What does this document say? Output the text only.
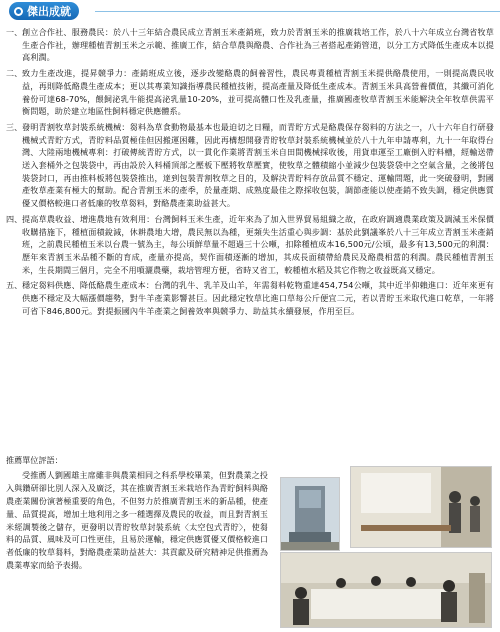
傑出成就
一、 創立合作社、服務農民：於八十三年結合農民成立青割玉米產銷班，致力於青割玉米的推廣栽培工作，於八十六年成立台灣省牧草生產合作社，辦理種植青割玉米之示範、推廣工作，結合草農與酪農、合作社為三者搭起產銷管道，以分工方式降低生產成本以提高利潤。
二、 致力生產改進，提昇競爭力：產銷班成立後，逐步改變酪農的飼養習性，農民專責種植青割玉米提供酪農使用，一則提高農民收益，再則降低酪農生產成本；更以其專業知識指導農民種植技術，提高產量及降低生產成本。青割玉米具高營養價值，其纖可消化養份可達68-70%，餵飼泌乳牛能提高泌乳量10-20%，並可提高體口性及乳產量，推廣國產牧草青割玉米能解決全年牧草供需平衡問題，助於建立地區性飼料穩定供應體系。
三、 發明青割牧草封裝系統機械：芻料為草食動物最基本也最迫切之日糧，而青貯方式是酪農保存芻料的方法之一，八十六年自行研發機械式青貯方式，青貯料品質極佳但因搬運困難，因此再構想開發青貯牧草封裝系統機械並於八十九年申請專利，九十一年取得台灣、大陸兩地機械專利：打破傳統青貯方式，以一貫化作業將青割玉米自田間機械採收後，用貨車運至工廠倒入貯料槽，經輸送帶送入套桶外之包裝袋中，再由設於入料桶頂部之壓板下壓將牧草壓實，使牧草之體積縮小並減少包裝袋袋中之空氣含量，之後將包裝袋封口，再由推料板將包裝袋推出，達到包裝青割牧草之目的，及解決青貯料存放品質不穩定、運輸問題，此一突破發明，對國產牧草產業有極大的幫助。配合青割玉米的產季，於量產期、成熟度最佳之際採收包裝，調節產能以使產銷不致失調，穩定供應質優又價格較進口者低廉的牧草芻料，對酪農產業助益甚大。
四、 提高草農收益、增進農地有效利用：台灣飼料玉米生產，近年來為了加入世界貿易組織之故，在政府調適農業政策及調減玉米保價收購措施下，種植面積銳減，休耕農地大增，農民無以為種，更頻失生活重心與步調：基於此劉議峯於八十三年成立青割玉米產銷班，之前農民種植玉米以台農一號為主，每公頃鮮草量不超過三十公噸，扣除種植成本16,500元/公頃，最多有13,500元的利潤：歷年來青割玉米品種不斷的育成，產量亦提高，契作面積逐漸的增加，其成長面積帶給農民及酪農相當的利潤。農民種植青割玉米，生長期間三個月，完全不用噴灑農藥，栽培管理方便，省時又省工，較種植水稻及其它作物之收益既高又穩定。
五、 穩定芻料供應、降低酪農生產成本：台灣的乳牛、乳羊及山羊，年需芻料乾物重達454,754公噸，其中近半仰賴進口：近年來更有供應不穩定及大幅漲價趨勢，對牛羊產業影響甚巨。因此穩定牧草比進口草每公斤便宜二元，若以青貯玉米取代進口乾草，一年將可省下846,800元。對提振國內牛羊產業之飼養效率與競爭力、助益其永續發展，作用至巨。
推薦單位評語：
受推薦人劉國雄主席雖非與農業相同之科系學校畢業，但對農業之投入與鑽研卻比別人深入及廣泛，其在推廣青割玉米栽培作為青貯飼料與酪農產業關份演著極重要的角色，不但努力於推廣青割玉米的新品種，使產量、品質提高，增加土地利用之多一種選擇及農民的收益，而且對青割玉米經調製後之儲存，更發明以青貯牧草封裝系統〈太空包式青貯〉，使芻料的品質、風味及可口性更佳，且易於運輸，穩定供應質優又價格較進口者低廉的牧草芻料，對酪農產業助益甚大：其貢獻及研究精神足供推薦為農業專家而給予表揚。
